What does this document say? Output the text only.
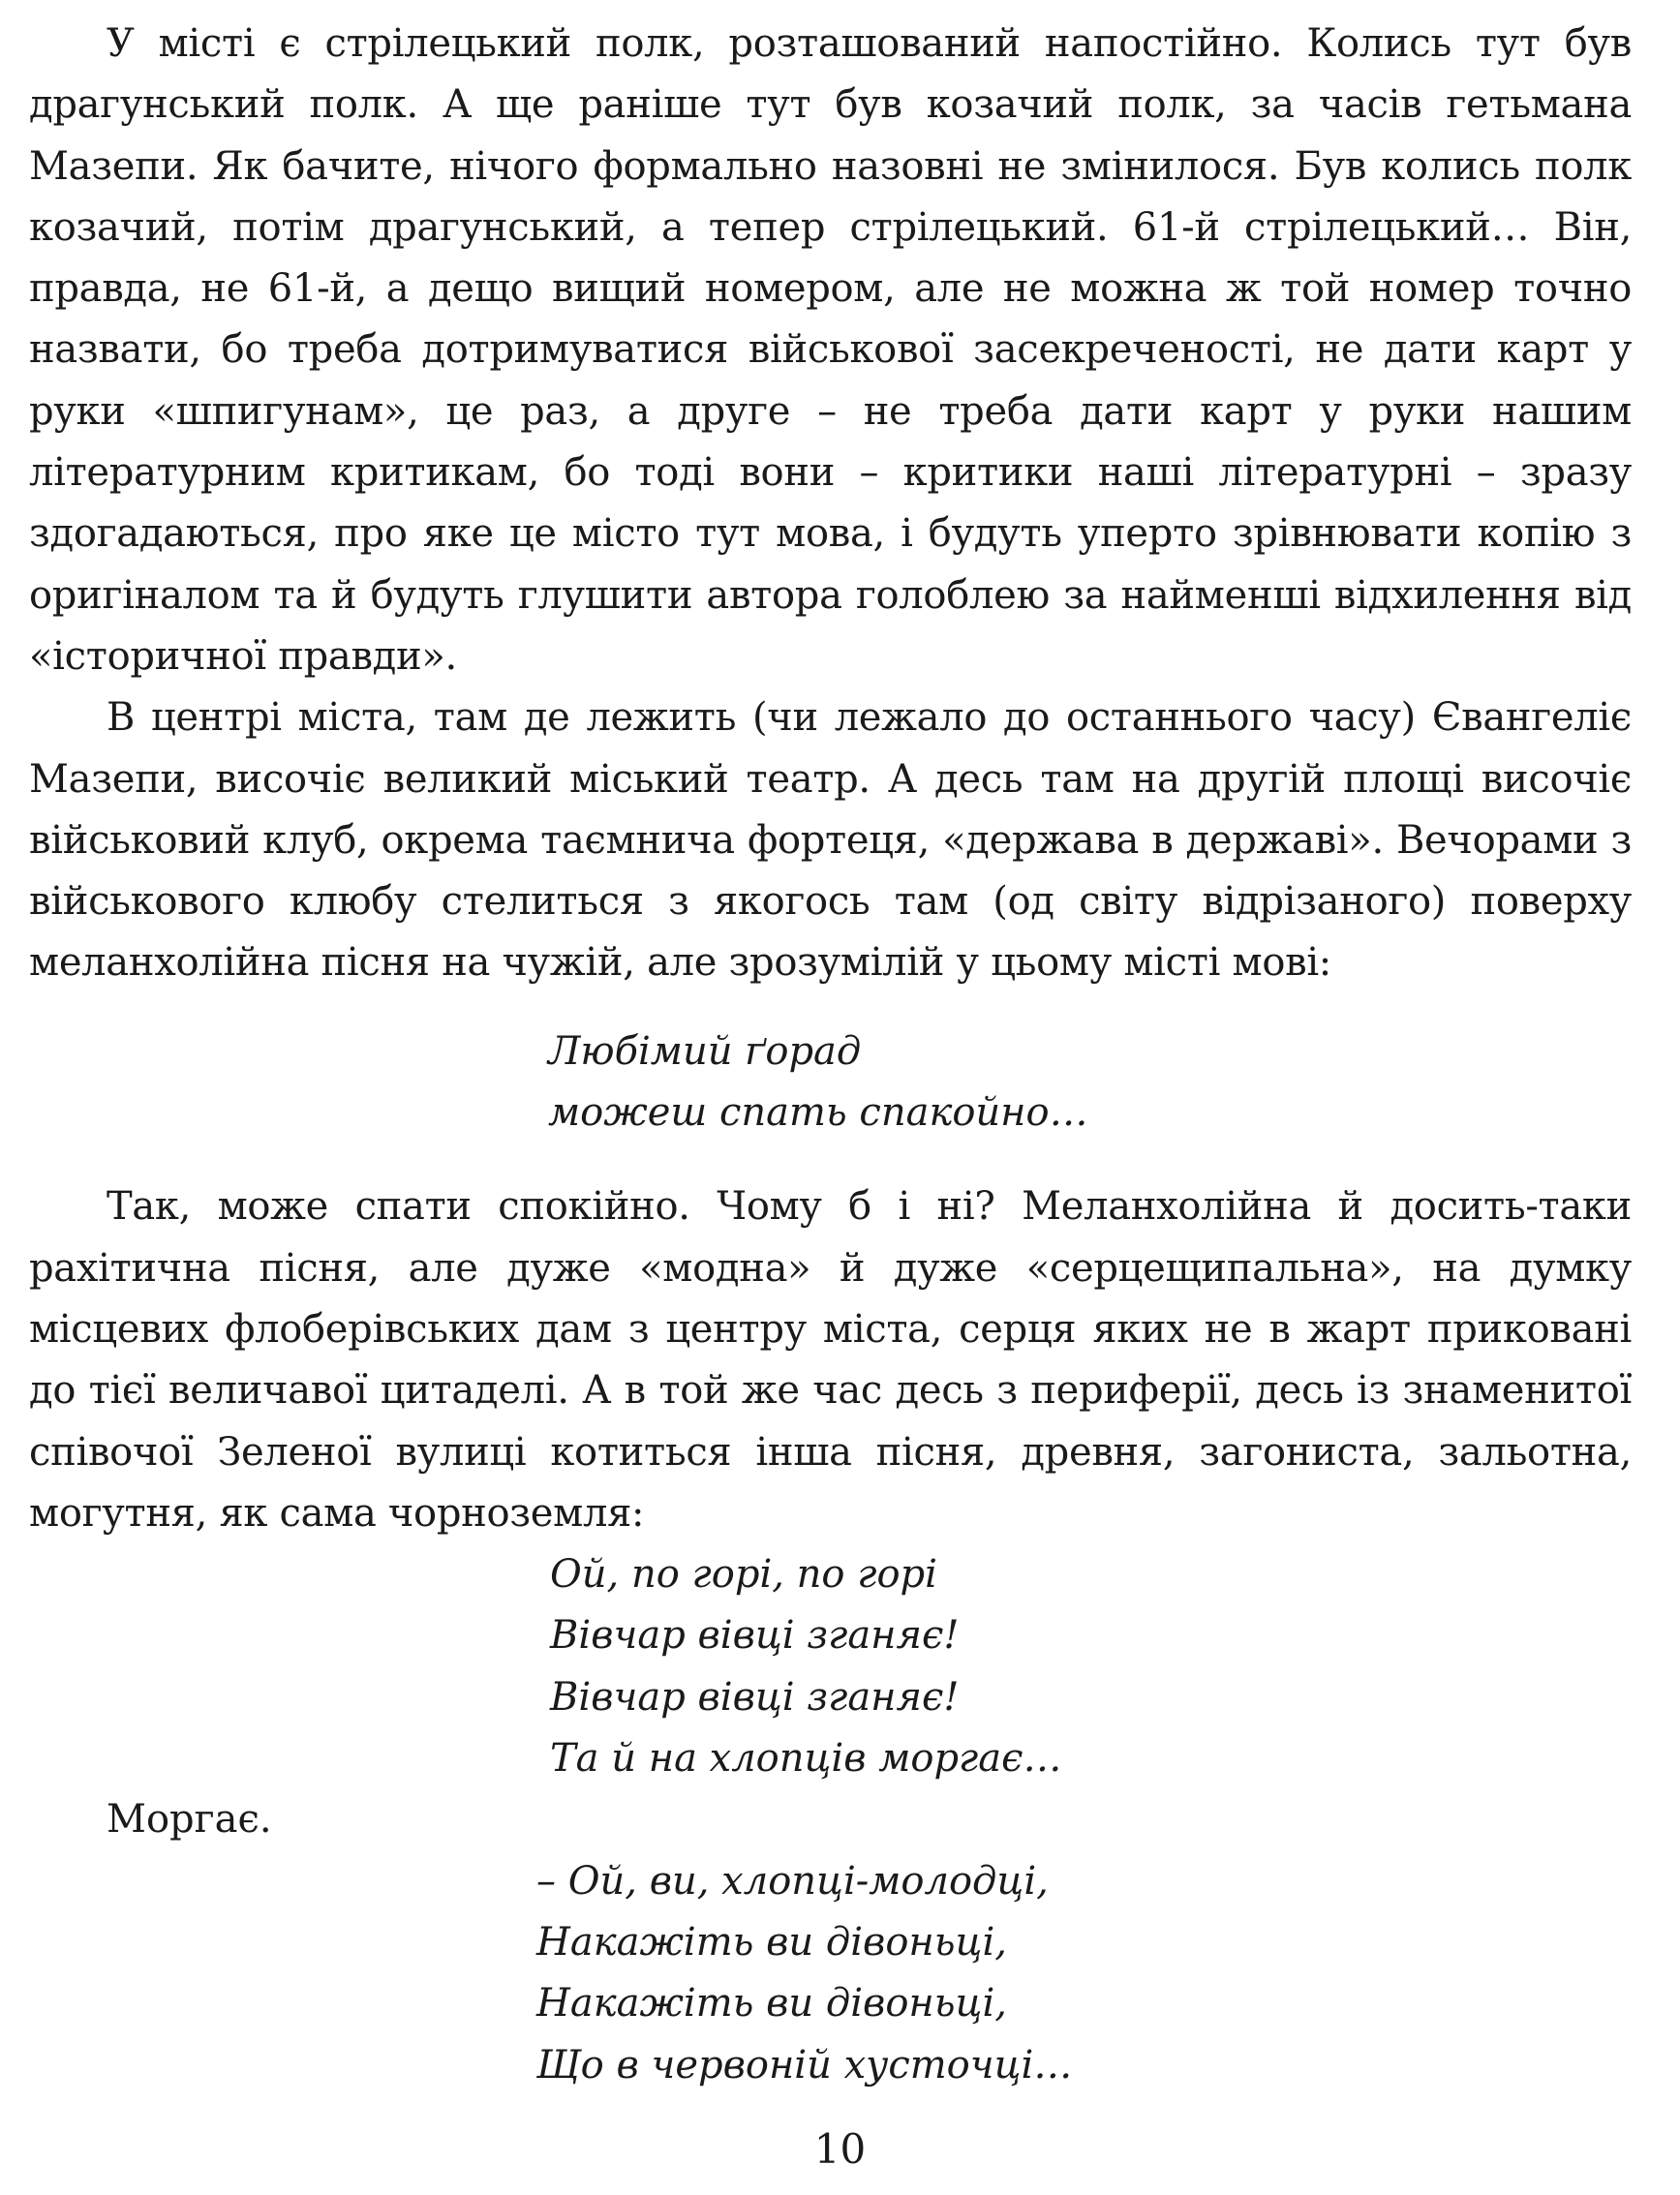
У місті є стрілецький полк, розташований напостійно. Колись тут був драгунський полк. А ще раніше тут був козачий полк, за часів гетьмана Мазепи. Як бачите, нічого формально назовні не змінилося. Був колись полк козачий, потім драгунський, а тепер стрілецький. 61-й стрілецький… Він, правда, не 61-й, а дещо вищий номером, але не можна ж той номер точно назвати, бо треба дотримуватися військової засекреченості, не дати карт у руки «шпигунам», це раз, а друге – не треба дати карт у руки нашим літературним критикам, бо тоді вони – критики наші літературні – зразу здогадаються, про яке це місто тут мова, і будуть уперто зрівнювати копію з оригіналом та й будуть глушити автора голоблею за найменші відхилення від «історичної правди».

В центрі міста, там де лежить (чи лежало до останнього часу) Євангеліє Мазепи, височіє великий міський театр. А десь там на другій площі височіє військовий клуб, окрема таємнича фортеця, «держава в державі». Вечорами з військового клюбу стелиться з якогось там (од світу відрізаного) поверху меланхолійна пісня на чужій, але зрозумілій у цьому місті мові:

Любімий ґорад
можеш спать спакойно…

Так, може спати спокійно. Чому б і ні? Меланхолійна й досить-таки рахітична пісня, але дуже «модна» й дуже «серцещипальна», на думку місцевих флоберівських дам з центру міста, серця яких не в жарт приковані до тієї величавої цитаделі. А в той же час десь з периферії, десь із знаменитої співочої Зеленої вулиці котиться інша пісня, древня, загониста, зальотна, могутня, як сама чорноземля:

Ой, по горі, по горі
Вівчар вівці зганяє!
Вівчар вівці зганяє!
Та й на хлопців моргає…

Моргає.

– Ой, ви, хлопці-молодці,
Накажіть ви дівоньці,
Накажіть ви дівоньці,
Що в червоній хусточці…
10
